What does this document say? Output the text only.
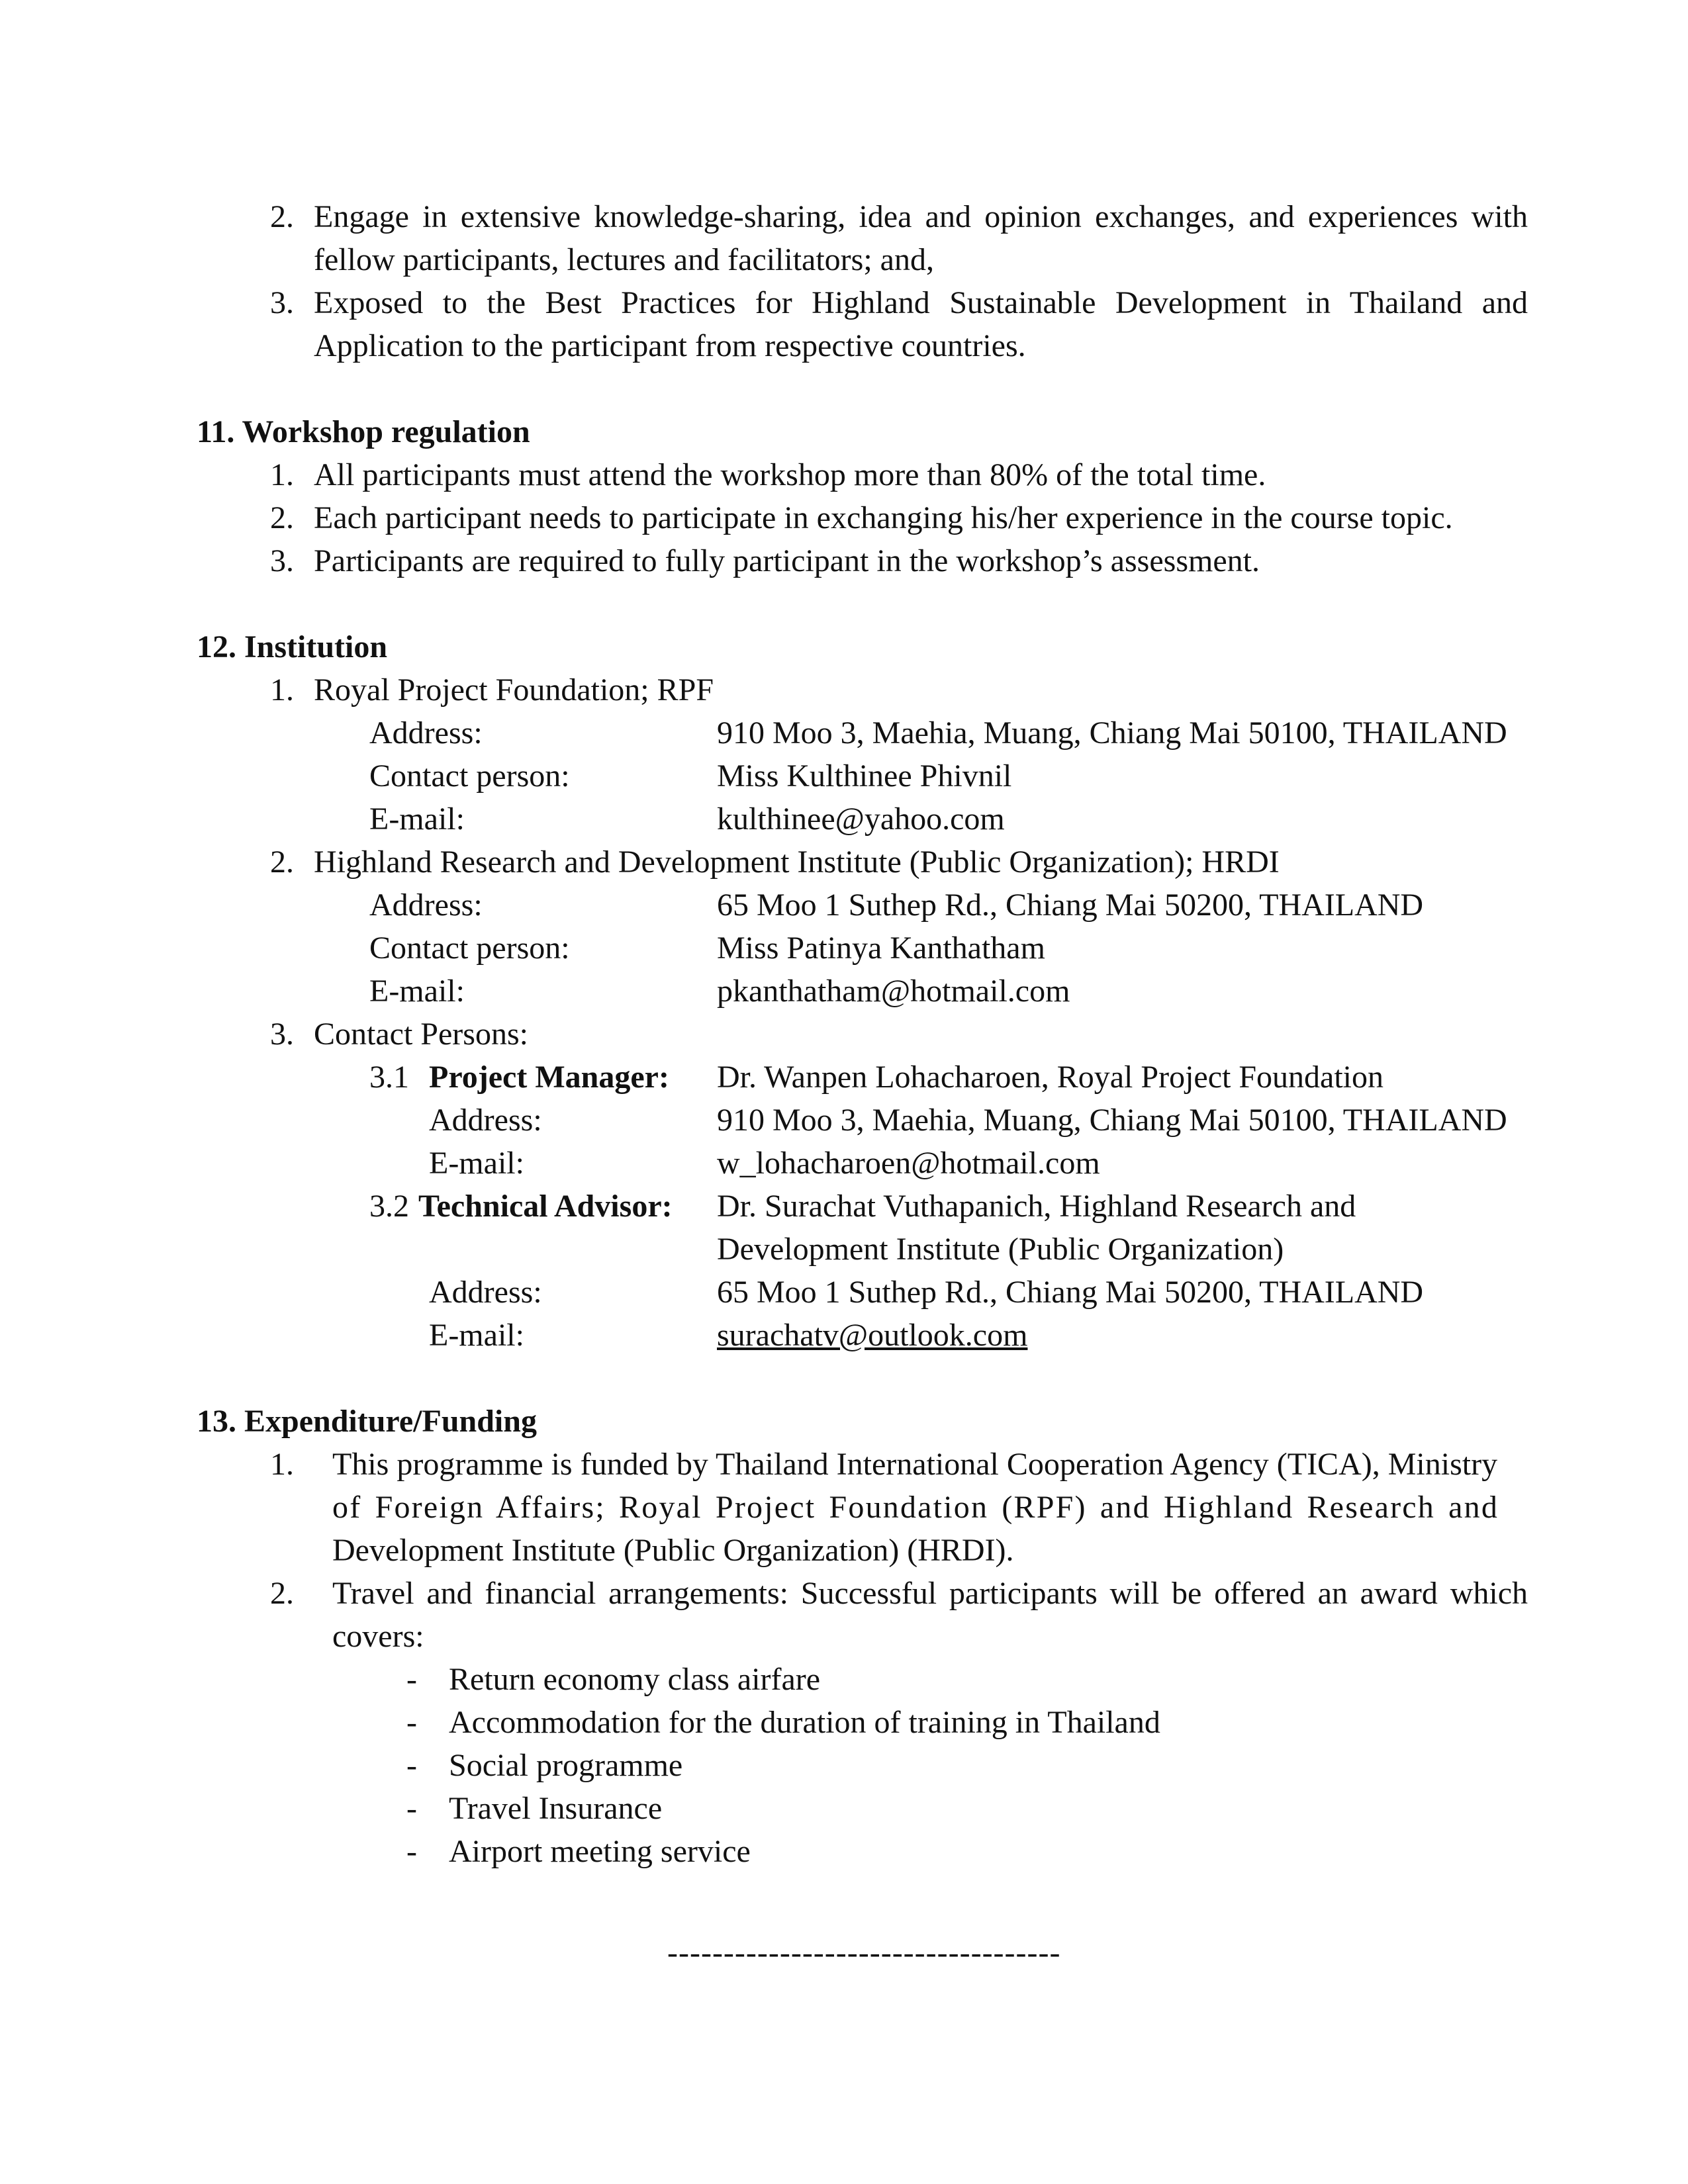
2. Engage in extensive knowledge-sharing, idea and opinion exchanges, and experiences with fellow participants, lectures and facilitators; and,
3. Exposed to the Best Practices for Highland Sustainable Development in Thailand and Application to the participant from respective countries.
11. Workshop regulation
1. All participants must attend the workshop more than 80% of the total time.
2. Each participant needs to participate in exchanging his/her experience in the course topic.
3. Participants are required to fully participant in the workshop’s assessment.
12. Institution
1. Royal Project Foundation; RPF
Address:	910 Moo 3, Maehia, Muang, Chiang Mai 50100, THAILAND
Contact person:	Miss Kulthinee Phivnil
E-mail:	kulthinee@yahoo.com
2. Highland Research and Development Institute (Public Organization); HRDI
Address:	65 Moo 1 Suthep Rd., Chiang Mai 50200, THAILAND
Contact person:	Miss Patinya Kanthatham
E-mail:	pkanthatham@hotmail.com
3. Contact Persons:
3.1 Project Manager: Dr. Wanpen Lohacharoen, Royal Project Foundation
Address:	910 Moo 3, Maehia, Muang, Chiang Mai 50100, THAILAND
E-mail:	w_lohacharoen@hotmail.com
3.2 Technical Advisor: Dr. Surachat Vuthapanich, Highland Research and
Development Institute (Public Organization)
Address:	65 Moo 1 Suthep Rd., Chiang Mai 50200, THAILAND
E-mail:	surachatv@outlook.com
13. Expenditure/Funding
1. This programme is funded by Thailand International Cooperation Agency (TICA), Ministry
of Foreign Affairs; Royal Project Foundation (RPF) and Highland Research and
Development Institute (Public Organization) (HRDI).
2. Travel and financial arrangements: Successful participants will be offered an award which covers:
- Return economy class airfare
- Accommodation for the duration of training in Thailand
- Social programme
- Travel Insurance
- Airport meeting service
-----------------------------------
